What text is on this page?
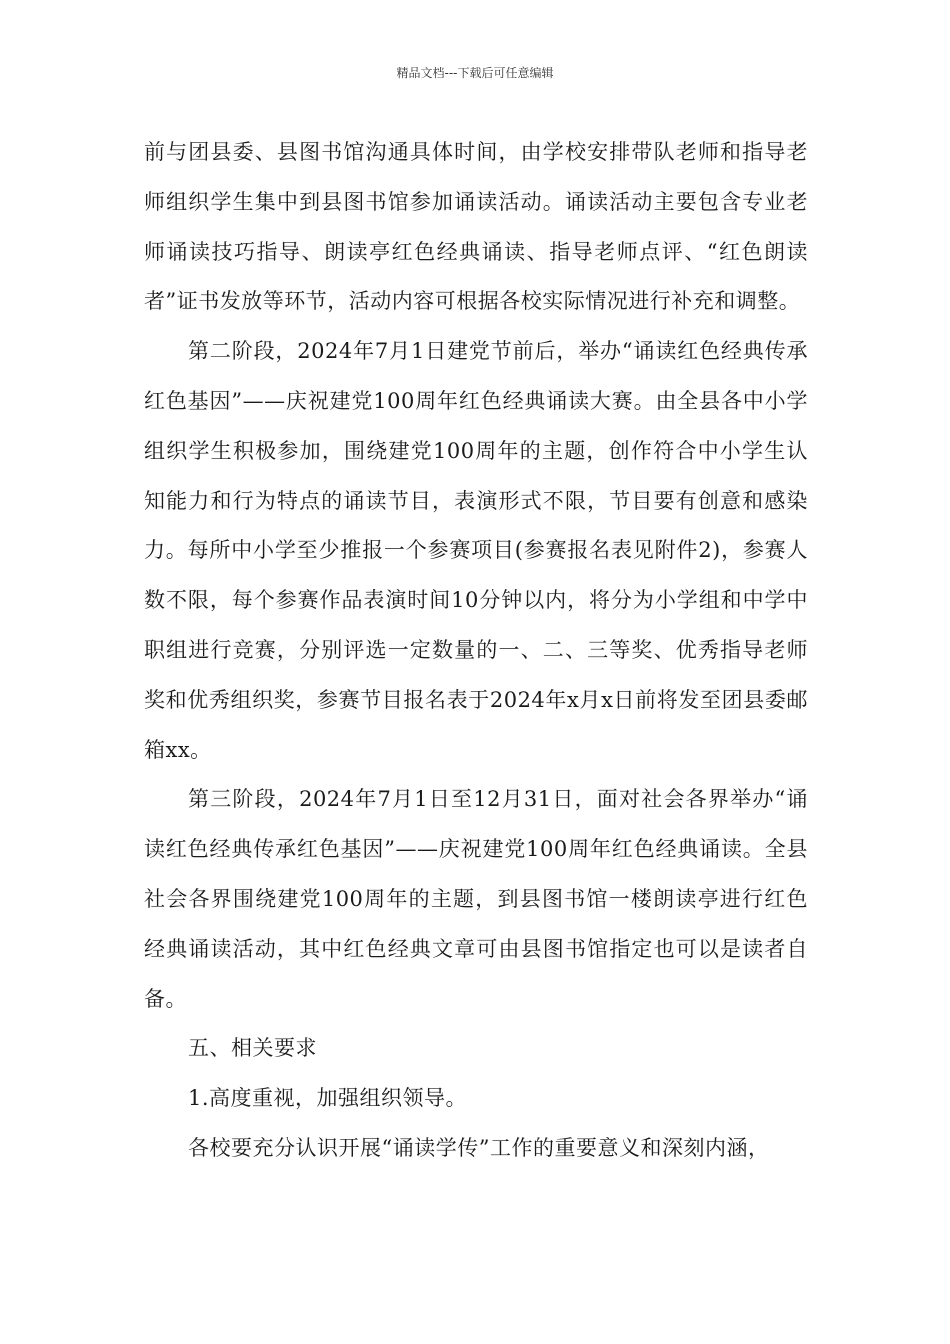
精品文档---下载后可任意编辑

前与团县委、县图书馆沟通具体时间，由学校安排带队老师和指导老师组织学生集中到县图书馆参加诵读活动。诵读活动主要包含专业老师诵读技巧指导、朗读亭红色经典诵读、指导老师点评、“红色朗读者”证书发放等环节，活动内容可根据各校实际情况进行补充和调整。

第二阶段，2024年7月1日建党节前后，举办“诵读红色经典传承红色基因”——庆祝建党100周年红色经典诵读大赛。由全县各中小学组织学生积极参加，围绕建党100周年的主题，创作符合中小学生认知能力和行为特点的诵读节目，表演形式不限，节目要有创意和感染力。每所中小学至少推报一个参赛项目(参赛报名表见附件2)，参赛人数不限，每个参赛作品表演时间10分钟以内，将分为小学组和中学中职组进行竞赛，分别评选一定数量的一、二、三等奖、优秀指导老师奖和优秀组织奖，参赛节目报名表于2024年x月x日前将发至团县委邮箱xx。

第三阶段，2024年7月1日至12月31日，面对社会各界举办“诵读红色经典传承红色基因”——庆祝建党100周年红色经典诵读。全县社会各界围绕建党100周年的主题，到县图书馆一楼朗读亭进行红色经典诵读活动，其中红色经典文章可由县图书馆指定也可以是读者自备。

五、相关要求

1.高度重视，加强组织领导。

各校要充分认识开展“诵读学传”工作的重要意义和深刻内涵，
